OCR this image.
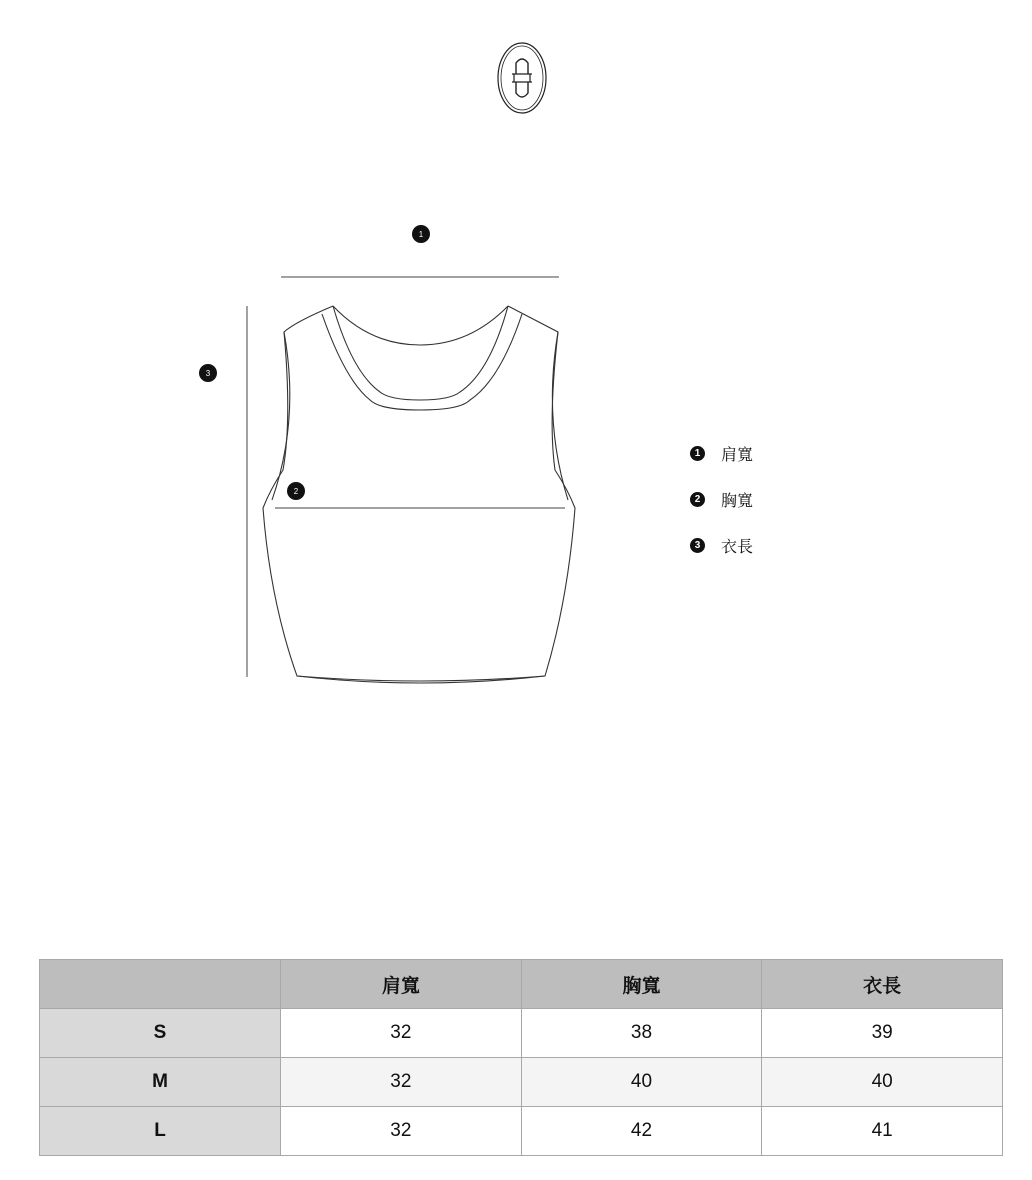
1
2
3
1 肩寬
2 胸寬
3 衣長
	肩寬	胸寬	衣長
S	32	38	39
M	32	40	40
L	32	42	41
